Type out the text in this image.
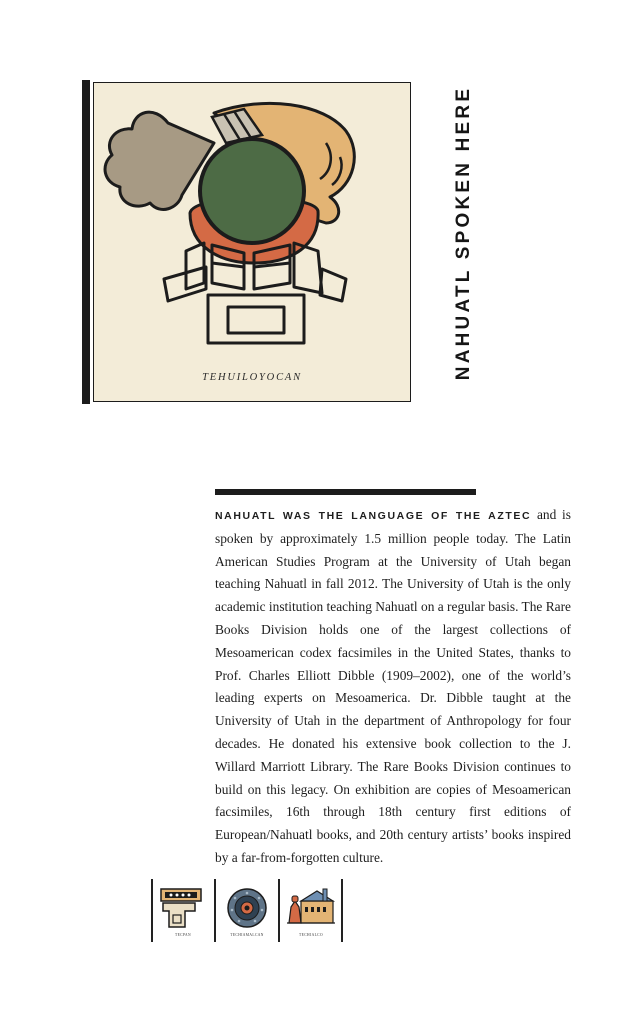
TEHUILOYOCAN	NAHUATL SPOKEN HERE
NAHUATL WAS THE LANGUAGE OF THE AZTEC and is spoken by approximately 1.5 million people today. The Latin American Studies Program at the University of Utah began teaching Nahuatl in fall 2012. The University of Utah is the only academic institution teaching Nahuatl on a regular basis. The Rare Books Division holds one of the largest collections of Mesoamerican codex facsimiles in the United States, thanks to Prof. Charles Elliott Dibble (1909–2002), one of the world’s leading experts on Mesoamerica. Dr. Dibble taught at the University of Utah in the department of Anthropology for four decades. He donated his extensive book collection to the J. Willard Marriott Library. The Rare Books Division continues to build on this legacy. On exhibition are copies of Mesoamerican facsimiles, 16th through 18th century first editions of European/Nahuatl books, and 20th century artists’ books inspired by a far-from-forgotten culture.
TECPAN	TECHIAMALCAN	TECHIALCO
